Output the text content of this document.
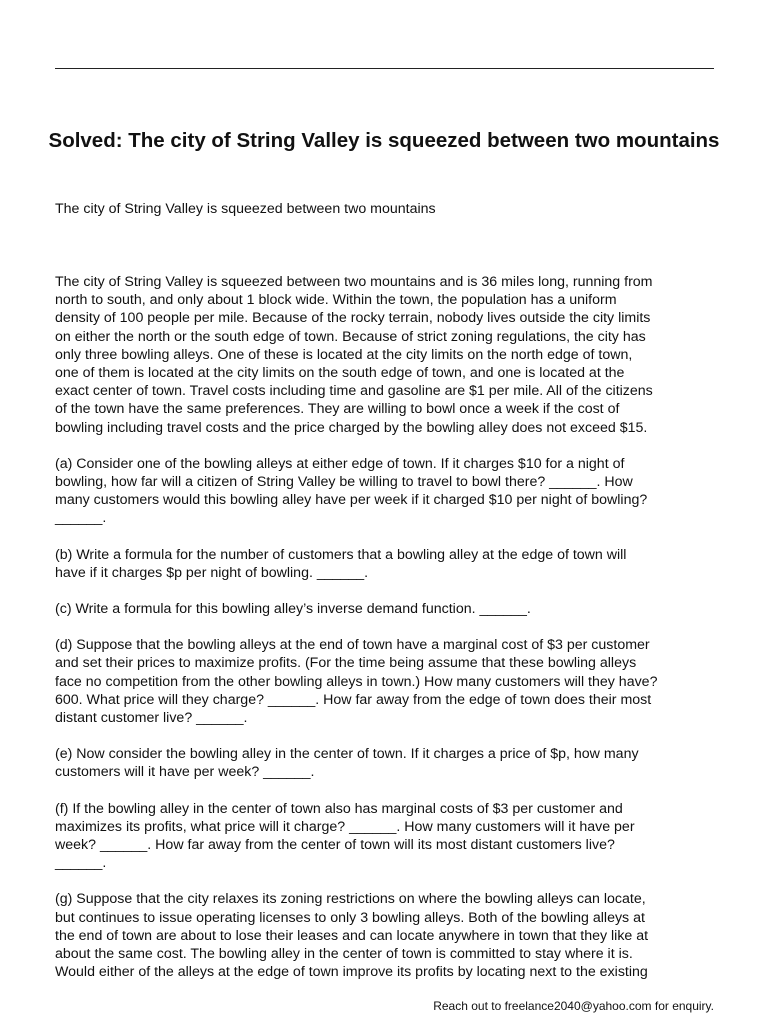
Solved: The city of String Valley is squeezed between two mountains

The city of String Valley is squeezed between two mountains

The city of String Valley is squeezed between two mountains and is 36 miles long, running from
north to south, and only about 1 block wide. Within the town, the population has a uniform
density of 100 people per mile. Because of the rocky terrain, nobody lives outside the city limits
on either the north or the south edge of town. Because of strict zoning regulations, the city has
only three bowling alleys. One of these is located at the city limits on the north edge of town,
one of them is located at the city limits on the south edge of town, and one is located at the
exact center of town. Travel costs including time and gasoline are $1 per mile. All of the citizens
of the town have the same preferences. They are willing to bowl once a week if the cost of
bowling including travel costs and the price charged by the bowling alley does not exceed $15.

(a) Consider one of the bowling alleys at either edge of town. If it charges $10 for a night of
bowling, how far will a citizen of String Valley be willing to travel to bowl there? ______. How
many customers would this bowling alley have per week if it charged $10 per night of bowling?
______.

(b) Write a formula for the number of customers that a bowling alley at the edge of town will
have if it charges $p per night of bowling. ______.

(c) Write a formula for this bowling alley’s inverse demand function. ______.

(d) Suppose that the bowling alleys at the end of town have a marginal cost of $3 per customer
and set their prices to maximize profits. (For the time being assume that these bowling alleys
face no competition from the other bowling alleys in town.) How many customers will they have?
600. What price will they charge? ______. How far away from the edge of town does their most
distant customer live? ______.

(e) Now consider the bowling alley in the center of town. If it charges a price of $p, how many
customers will it have per week? ______.

(f) If the bowling alley in the center of town also has marginal costs of $3 per customer and
maximizes its profits, what price will it charge? ______. How many customers will it have per
week? ______. How far away from the center of town will its most distant customers live?
______.

(g) Suppose that the city relaxes its zoning restrictions on where the bowling alleys can locate,
but continues to issue operating licenses to only 3 bowling alleys. Both of the bowling alleys at
the end of town are about to lose their leases and can locate anywhere in town that they like at
about the same cost. The bowling alley in the center of town is committed to stay where it is.
Would either of the alleys at the edge of town improve its profits by locating next to the existing

Reach out to freelance2040@yahoo.com for enquiry.
